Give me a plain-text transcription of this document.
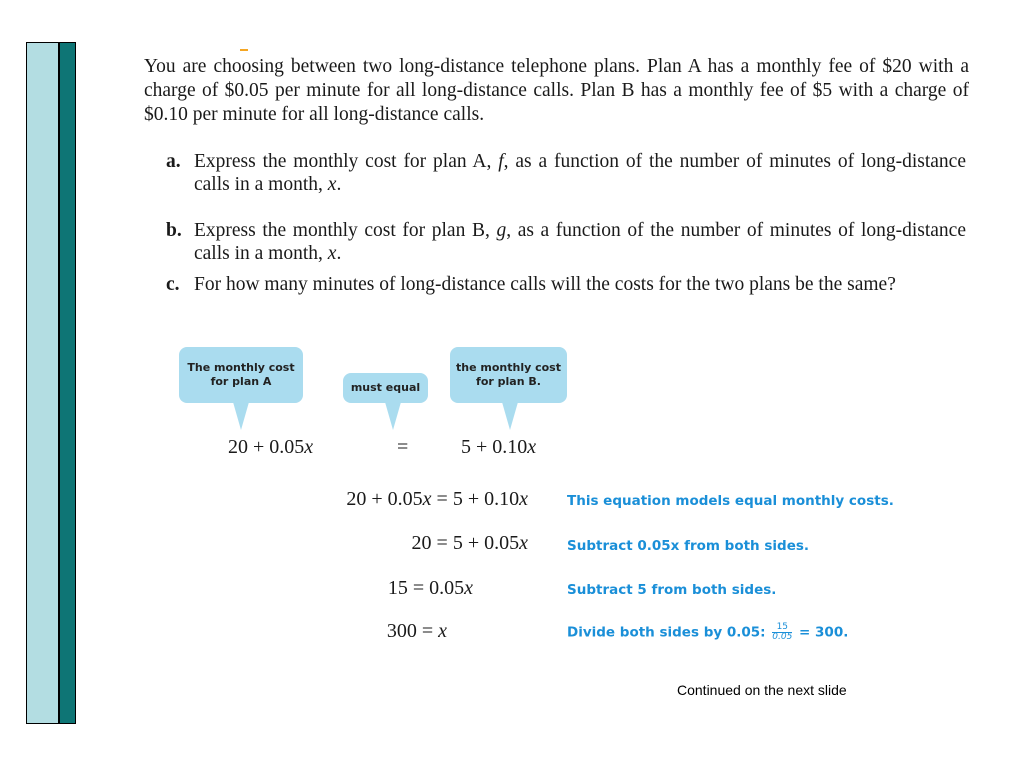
You are choosing between two long-distance telephone plans. Plan A has a monthly fee of $20 with a charge of $0.05 per minute for all long-distance calls. Plan B has a monthly fee of $5 with a charge of $0.10 per minute for all long-distance calls.

a. Express the monthly cost for plan A, f, as a function of the number of minutes of long-distance calls in a month, x.
b. Express the monthly cost for plan B, g, as a function of the number of minutes of long-distance calls in a month, x.
c. For how many minutes of long-distance calls will the costs for the two plans be the same?
The monthly cost for plan A	must equal
the monthly cost for plan B.
20 + 0.05x	=	5 + 0.10x
20 + 0.05x = 5 + 0.10x	This equation models equal monthly costs.
20 = 5 + 0.05x	Subtract 0.05x from both sides.
15 = 0.05x	Subtract 5 from both sides.
300 = x	Divide both sides by 0.05: $\frac{15}{0.05} = 300$.
Continued on the next slide
